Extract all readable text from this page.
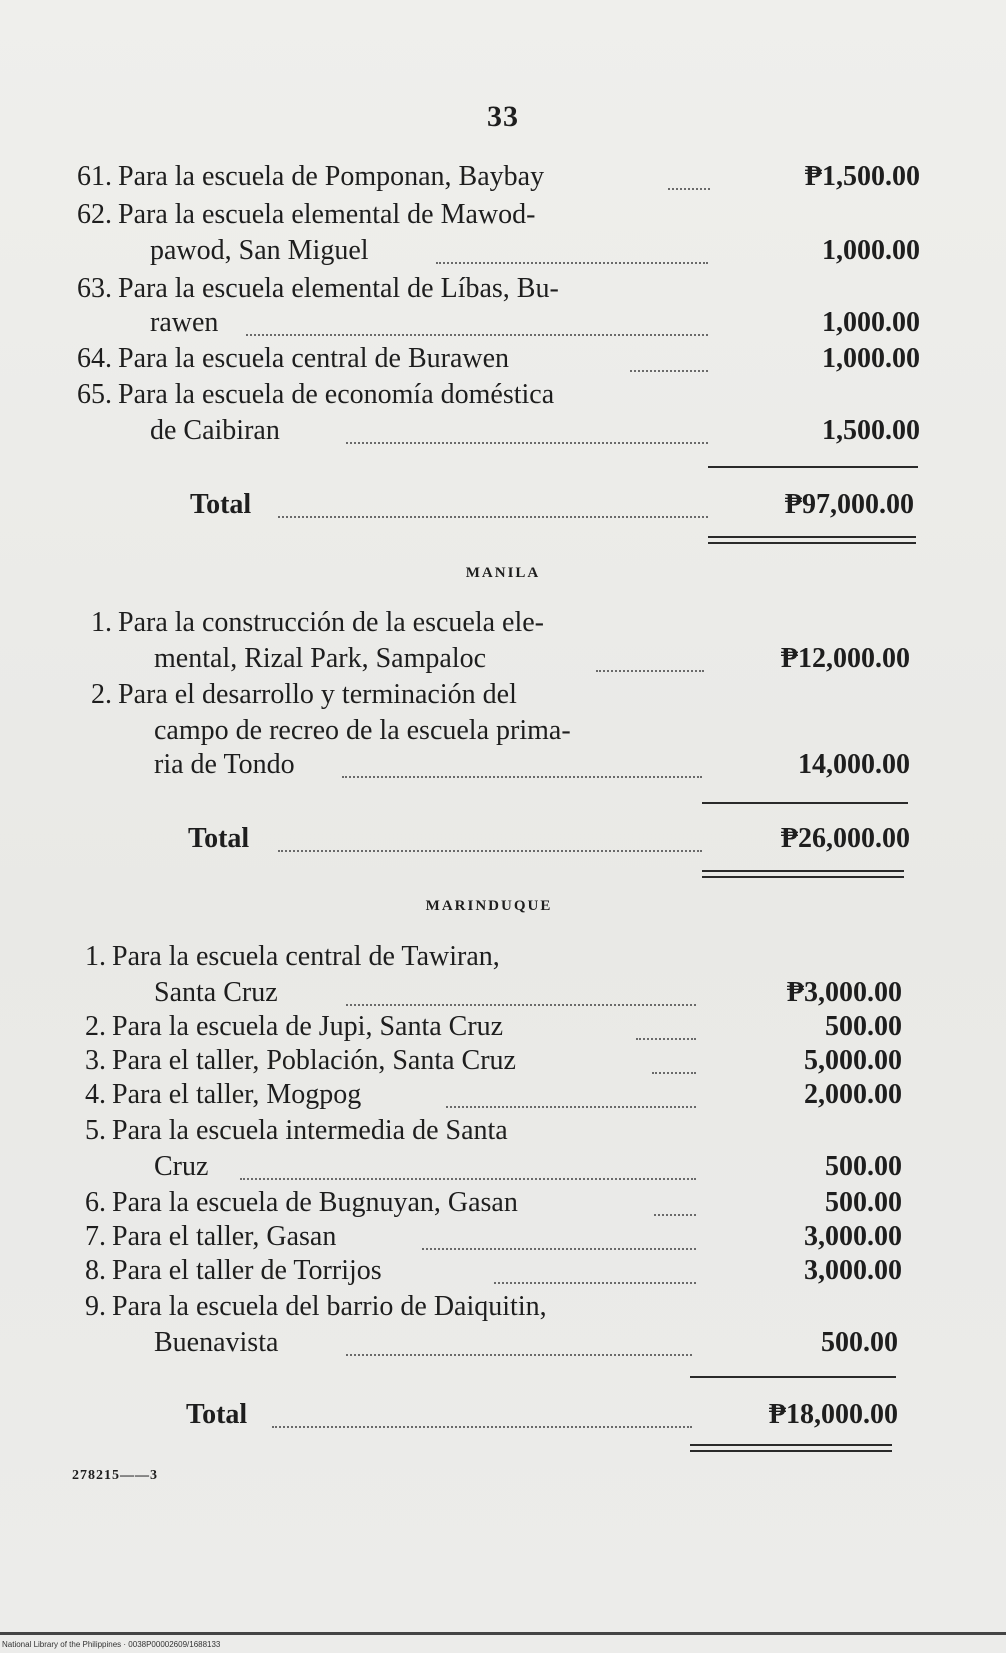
33
61. Para la escuela de Pomponan, Baybay	₱1,500.00
62. Para la escuela elemental de Mawod-
pawod, San Miguel	1,000.00
63. Para la escuela elemental de Líbas, Bu-
rawen	1,000.00
64. Para la escuela central de Burawen	1,000.00
65. Para la escuela de economía doméstica
de Caibiran	1,500.00
Total	₱97,000.00
MANILA
1. Para la construcción de la escuela ele-
mental, Rizal Park, Sampaloc	₱12,000.00
2. Para el desarrollo y terminación del
campo de recreo de la escuela prima-
ria de Tondo	14,000.00
Total	₱26,000.00
MARINDUQUE
1. Para la escuela central de Tawiran,
Santa Cruz	₱3,000.00
2. Para la escuela de Jupi, Santa Cruz	500.00
3. Para el taller, Población, Santa Cruz	5,000.00
4. Para el taller, Mogpog	2,000.00
5. Para la escuela intermedia de Santa
Cruz	500.00
6. Para la escuela de Bugnuyan, Gasan	500.00
7. Para el taller, Gasan	3,000.00
8. Para el taller de Torrijos	3,000.00
9. Para la escuela del barrio de Daiquitin,
Buenavista	500.00
Total	₱18,000.00
278215——3
National Library of the Philippines · 0038P00002609/1688133
